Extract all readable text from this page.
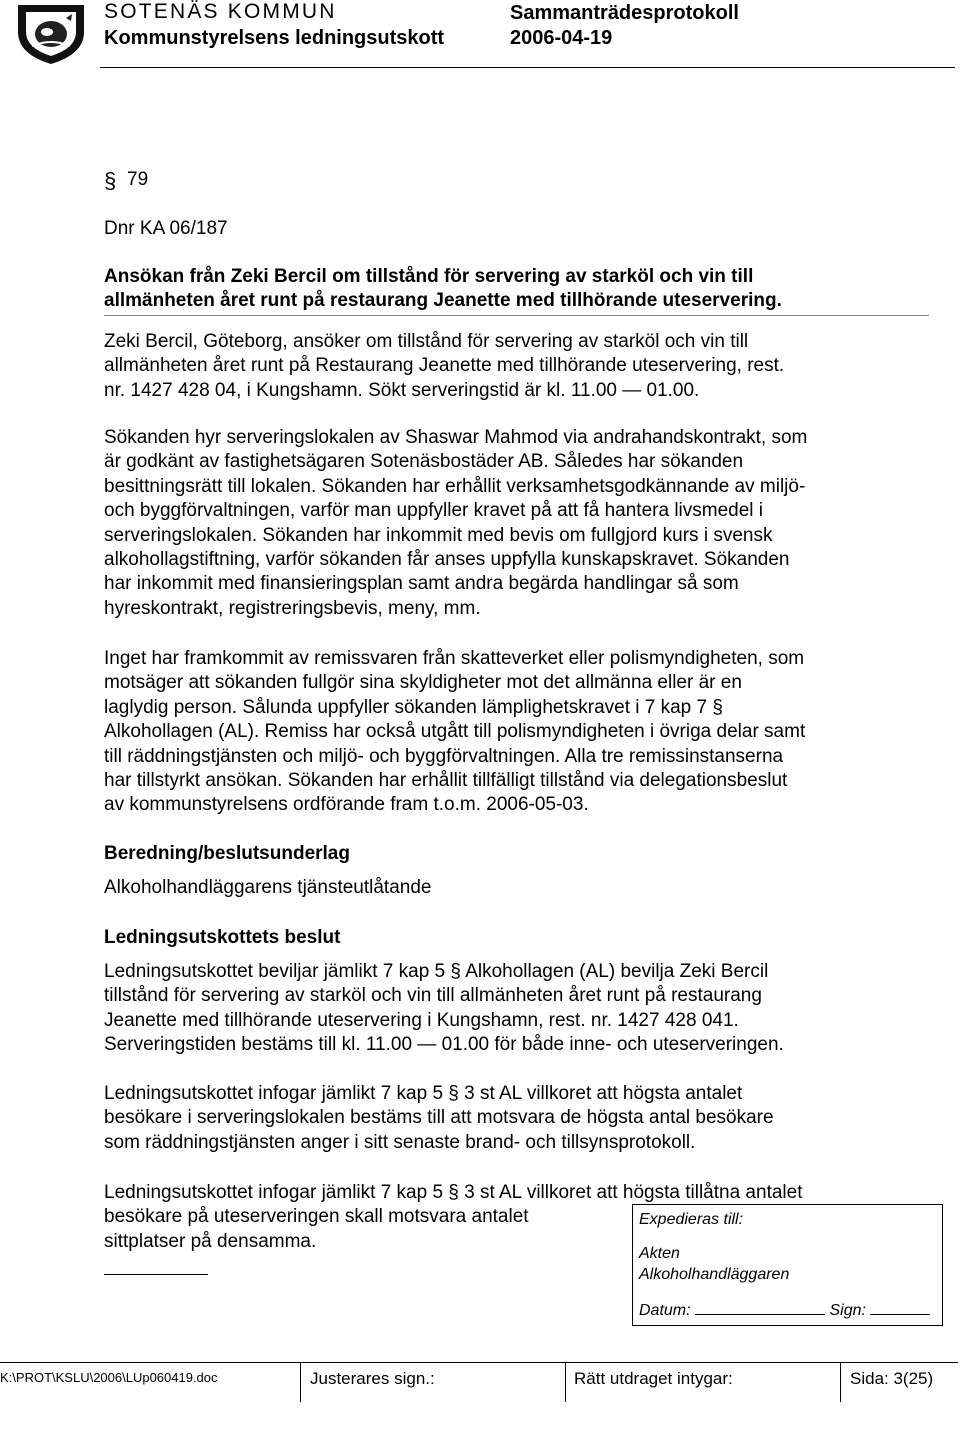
SOTENÄS KOMMUN	Sammanträdesprotokoll
Kommunstyrelsens ledningsutskott	2006-04-19
§ 79
Dnr KA 06/187
Ansökan från Zeki Bercil om tillstånd för servering av starköl och vin till
allmänheten året runt på restaurang Jeanette med tillhörande uteservering.

Zeki Bercil, Göteborg, ansöker om tillstånd för servering av starköl och vin till

allmänheten året runt på Restaurang Jeanette med tillhörande uteservering, rest.

nr. 1427 428 04, i Kungshamn. Sökt serveringstid är kl. 11.00 — 01.00.

Sökanden hyr serveringslokalen av Shaswar Mahmod via andrahandskontrakt, som

är godkänt av fastighetsägaren Sotenäsbostäder AB. Således har sökanden

besittningsrätt till lokalen. Sökanden har erhållit verksamhetsgodkännande av miljö-

och byggförvaltningen, varför man uppfyller kravet på att få hantera livsmedel i

serveringslokalen. Sökanden har inkommit med bevis om fullgjord kurs i svensk

alkohollagstiftning, varför sökanden får anses uppfylla kunskapskravet. Sökanden

har inkommit med finansieringsplan samt andra begärda handlingar så som

hyreskontrakt, registreringsbevis, meny, mm.

Inget har framkommit av remissvaren från skatteverket eller polismyndigheten, som

motsäger att sökanden fullgör sina skyldigheter mot det allmänna eller är en

laglydig person. Sålunda uppfyller sökanden lämplighetskravet i 7 kap 7 §

Alkohollagen (AL). Remiss har också utgått till polismyndigheten i övriga delar samt

till räddningstjänsten och miljö- och byggförvaltningen. Alla tre remissinstanserna

har tillstyrkt ansökan. Sökanden har erhållit tillfälligt tillstånd via delegationsbeslut

av kommunstyrelsens ordförande fram t.o.m. 2006-05-03.

Beredning/beslutsunderlag
Alkoholhandläggarens tjänsteutlåtande
Ledningsutskottets beslut

Ledningsutskottet beviljar jämlikt 7 kap 5 § Alkohollagen (AL) bevilja Zeki Bercil

tillstånd för servering av starköl och vin till allmänheten året runt på restaurang

Jeanette med tillhörande uteservering i Kungshamn, rest. nr. 1427 428 041.

Serveringstiden bestäms till kl. 11.00 — 01.00 för både inne- och uteserveringen.

Ledningsutskottet infogar jämlikt 7 kap 5 § 3 st AL villkoret att högsta antalet

besökare i serveringslokalen bestäms till att motsvara de högsta antal besökare

som räddningstjänsten anger i sitt senaste brand- och tillsynsprotokoll.

Ledningsutskottet infogar jämlikt 7 kap 5 § 3 st AL villkoret att högsta tillåtna antalet

besökare på uteserveringen skall motsvara antalet

sittplatser på densamma.

Expedieras till:
Akten
Alkoholhandläggaren
Datum:	Sign:
K:\PROT\KSLU\2006\LUp060419.doc	Justerares sign.:	Rätt utdraget intygar:	Sida: 3(25)
